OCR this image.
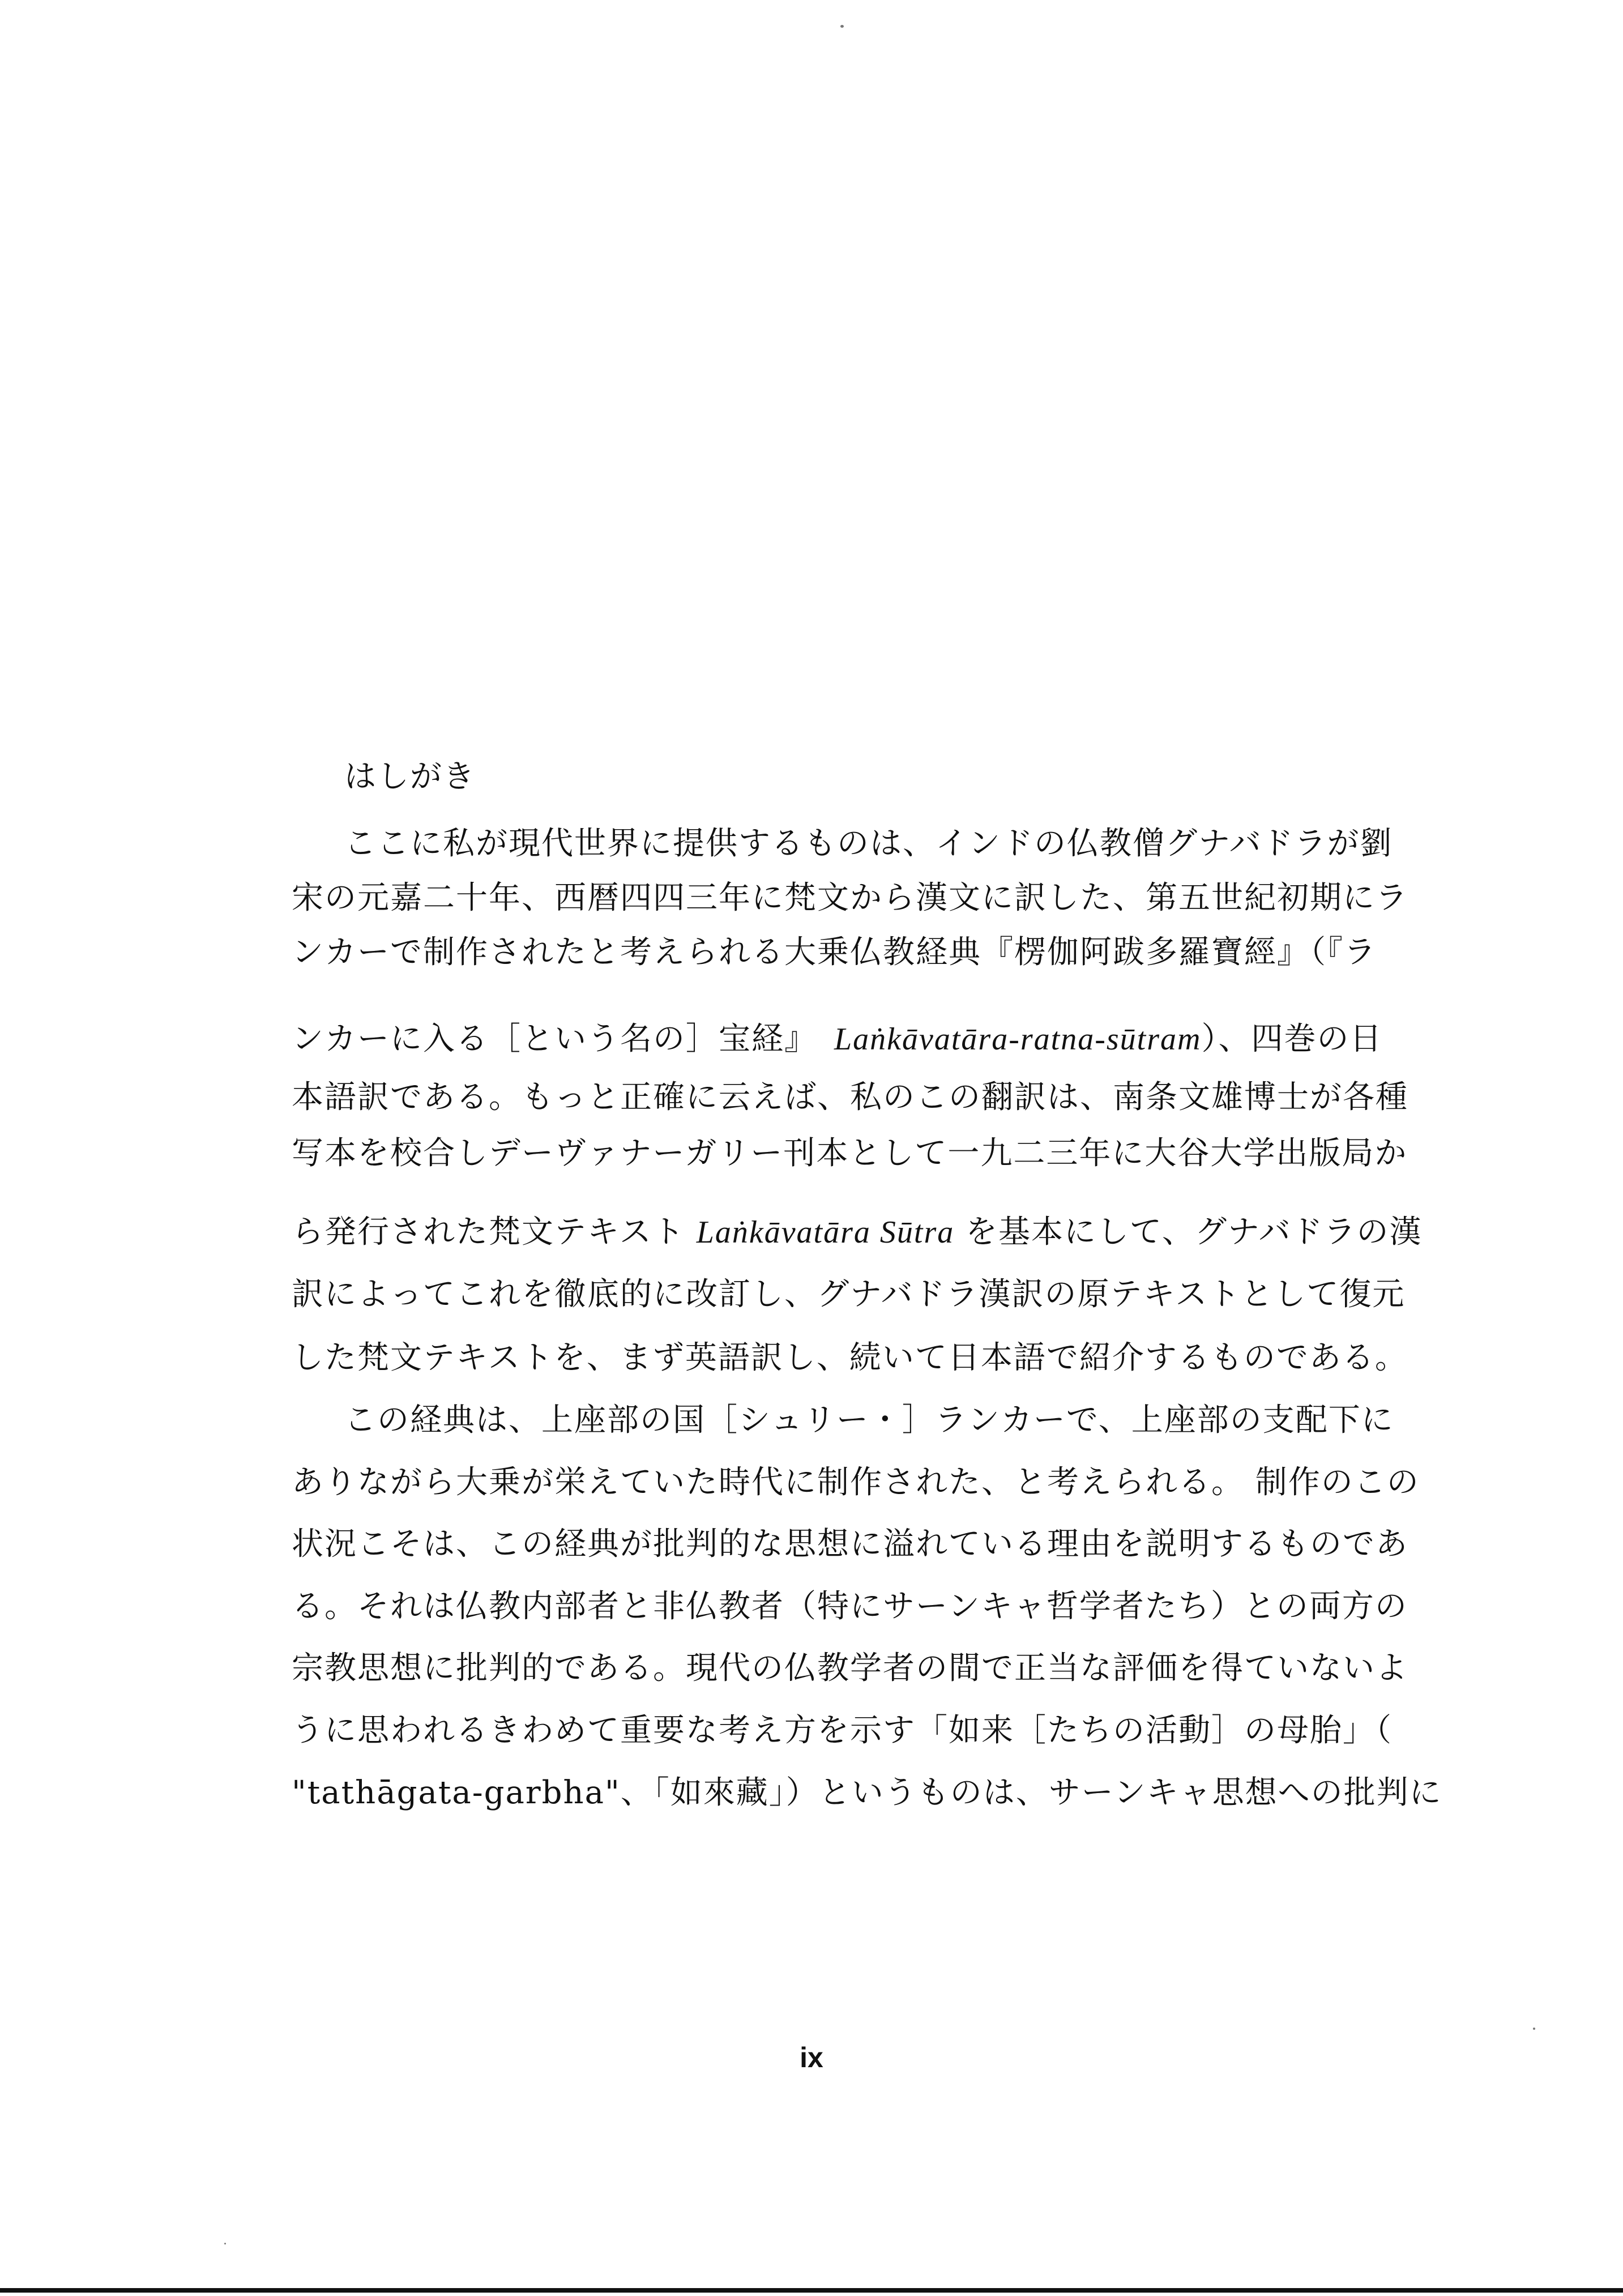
はしがき
ここに私が現代世界に提供するものは、インドの仏教僧グナバドラが劉
宋の元嘉二十年、西暦四四三年に梵文から漢文に訳した、第五世紀初期にラ
ンカーで制作されたと考えられる大乗仏教経典『楞伽阿跋多羅寶經』（『ラ
ンカーに入る［という名の］宝経』　Laṅkāvatāra-ratna-sūtram）、四巻の日
本語訳である。もっと正確に云えば、私のこの翻訳は、南条文雄博士が各種
写本を校合しデーヴァナーガリー刊本として一九二三年に大谷大学出版局か
ら発行された梵文テキスト Laṅkāvatāra Sūtra を基本にして、グナバドラの漢
訳によってこれを徹底的に改訂し、グナバドラ漢訳の原テキストとして復元
した梵文テキストを、まず英語訳し、続いて日本語で紹介するものである。
この経典は、上座部の国［シュリー・］ランカーで、上座部の支配下に
ありながら大乗が栄えていた時代に制作された、と考えられる。 制作のこの
状況こそは、この経典が批判的な思想に溢れている理由を説明するものであ
る。それは仏教内部者と非仏教者（特にサーンキャ哲学者たち）との両方の
宗教思想に批判的である。現代の仏教学者の間で正当な評価を得ていないよ
うに思われるきわめて重要な考え方を示す「如来［たちの活動］の母胎」（
"tathāgata-garbha"、「如來藏」）というものは、サーンキャ思想への批判に
ix
